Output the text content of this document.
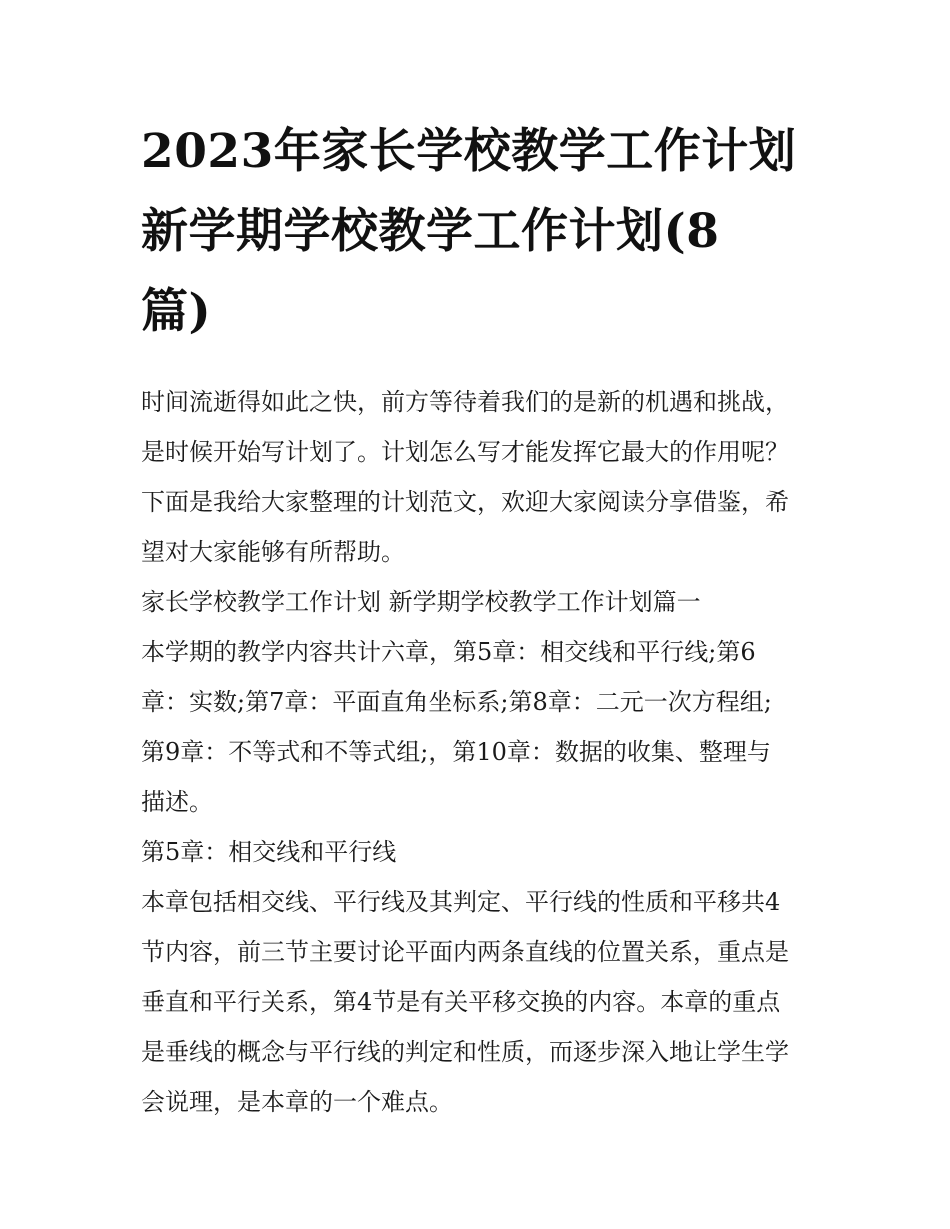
2023年家长学校教学工作计划
新学期学校教学工作计划(8
篇)

时间流逝得如此之快，前方等待着我们的是新的机遇和挑战，
是时候开始写计划了。计划怎么写才能发挥它最大的作用呢？
下面是我给大家整理的计划范文，欢迎大家阅读分享借鉴，希
望对大家能够有所帮助。

家长学校教学工作计划 新学期学校教学工作计划篇一

本学期的教学内容共计六章，第5章：相交线和平行线;第6
章：实数;第7章：平面直角坐标系;第8章：二元一次方程组;
第9章：不等式和不等式组;，第10章：数据的收集、整理与
描述。

第5章：相交线和平行线

本章包括相交线、平行线及其判定、平行线的性质和平移共4
节内容，前三节主要讨论平面内两条直线的位置关系，重点是
垂直和平行关系，第4节是有关平移交换的内容。本章的重点
是垂线的概念与平行线的判定和性质，而逐步深入地让学生学
会说理，是本章的一个难点。
